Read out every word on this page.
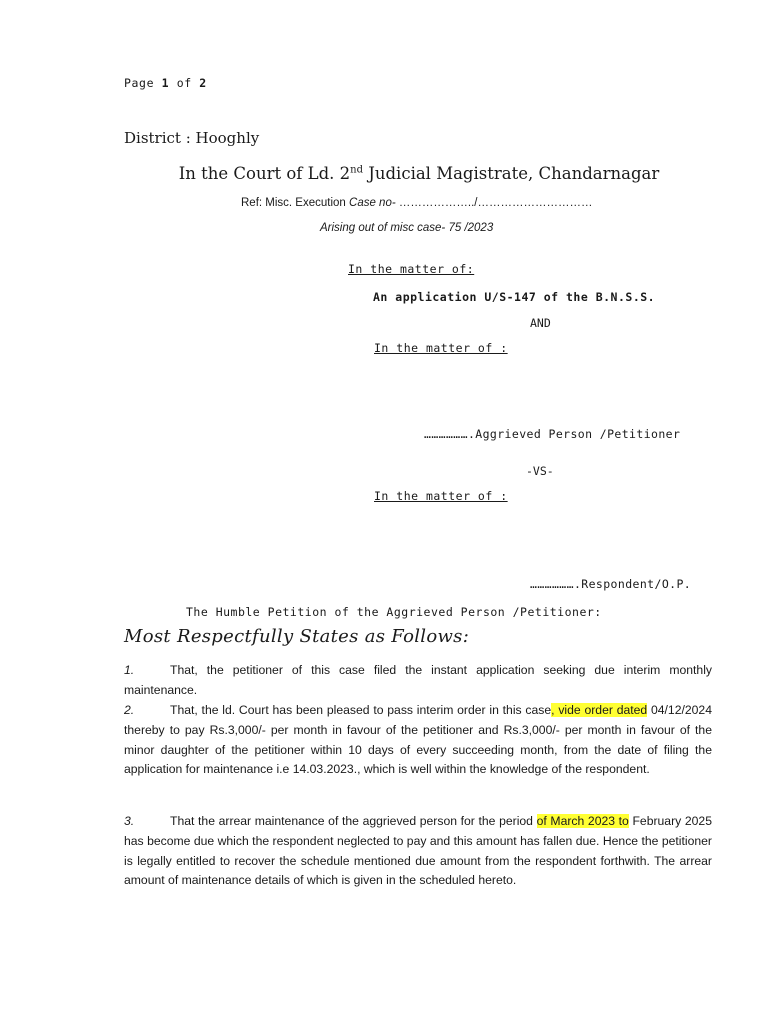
Page 1 of 2
District : Hooghly
In the Court of Ld. 2nd Judicial Magistrate, Chandarnagar
Ref: Misc. Execution Case no- ………………../…………………………
Arising out of misc case- 75 /2023
In the matter of:
An application U/S-147 of the B.N.S.S.
AND
In the matter of :
……………….Aggrieved Person /Petitioner
-VS-
In the matter of :
……………….Respondent/O.P.
The Humble Petition of the Aggrieved Person /Petitioner:
Most Respectfully States as Follows:
1.	That, the petitioner of this case filed the instant application seeking due interim monthly maintenance.
2.	That, the ld. Court has been pleased to pass interim order in this case, vide order dated 04/12/2024 thereby to pay Rs.3,000/- per month in favour of the petitioner and Rs.3,000/- per month in favour of the minor daughter of the petitioner within 10 days of every succeeding month, from the date of filing the application for maintenance i.e 14.03.2023., which is well within the knowledge of the respondent.
3.	That the arrear maintenance of the aggrieved person for the period of March 2023 to February 2025 has become due which the respondent neglected to pay and this amount has fallen due. Hence the petitioner is legally entitled to recover the schedule mentioned due amount from the respondent forthwith. The arrear amount of maintenance details of which is given in the scheduled hereto.
